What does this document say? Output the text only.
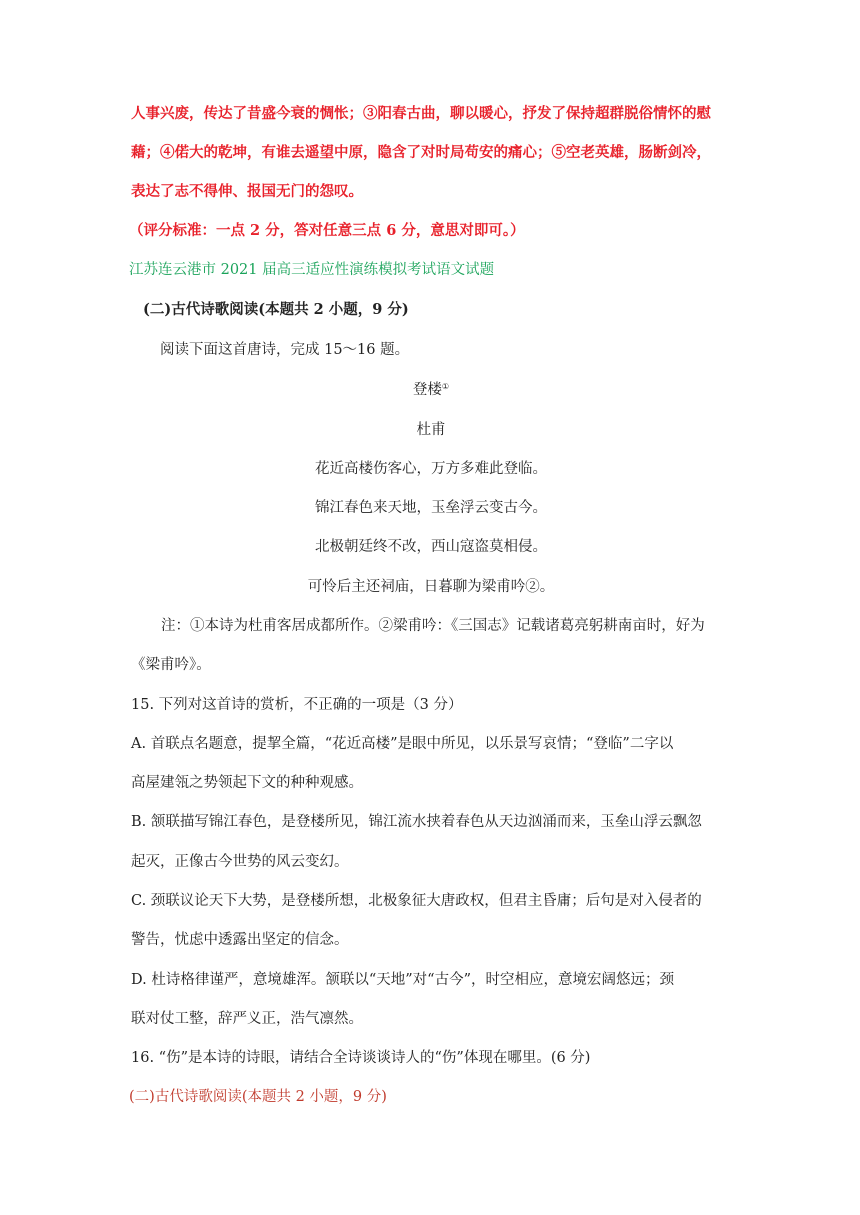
人事兴废，传达了昔盛今衰的惆怅；③阳春古曲，聊以暖心，抒发了保持超群脱俗情怀的慰
藉；④偌大的乾坤，有谁去遥望中原，隐含了对时局苟安的痛心；⑤空老英雄，肠断剑冷，
表达了志不得伸、报国无门的怨叹。
（评分标准：一点 2 分，答对任意三点 6 分，意思对即可。）
江苏连云港市 2021 届高三适应性演练模拟考试语文试题
(二)古代诗歌阅读(本题共 2 小题，9 分)
阅读下面这首唐诗，完成 15～16 题。
登楼①
杜甫
花近高楼伤客心，万方多难此登临。
锦江春色来天地，玉垒浮云变古今。
北极朝廷终不改，西山寇盗莫相侵。
可怜后主还祠庙，日暮聊为梁甫吟②。
注：①本诗为杜甫客居成都所作。②梁甫吟：《三国志》记载诸葛亮躬耕南亩时，好为
《梁甫吟》。
15. 下列对这首诗的赏析，不正确的一项是（3 分）
A. 首联点名题意，提挈全篇，“花近高楼”是眼中所见，以乐景写哀情；“登临”二字以
高屋建瓴之势领起下文的种种观感。
B. 颔联描写锦江春色，是登楼所见，锦江流水挟着春色从天边汹涌而来，玉垒山浮云飘忽
起灭，正像古今世势的风云变幻。
C. 颈联议论天下大势，是登楼所想，北极象征大唐政权，但君主昏庸；后句是对入侵者的
警告，忧虑中透露出坚定的信念。
D. 杜诗格律谨严，意境雄浑。颔联以“天地”对“古今”，时空相应，意境宏阔悠远；颈
联对仗工整，辞严义正，浩气凛然。
16. “伤”是本诗的诗眼，请结合全诗谈谈诗人的“伤”体现在哪里。(6 分)
(二)古代诗歌阅读(本题共 2 小题，9 分)
